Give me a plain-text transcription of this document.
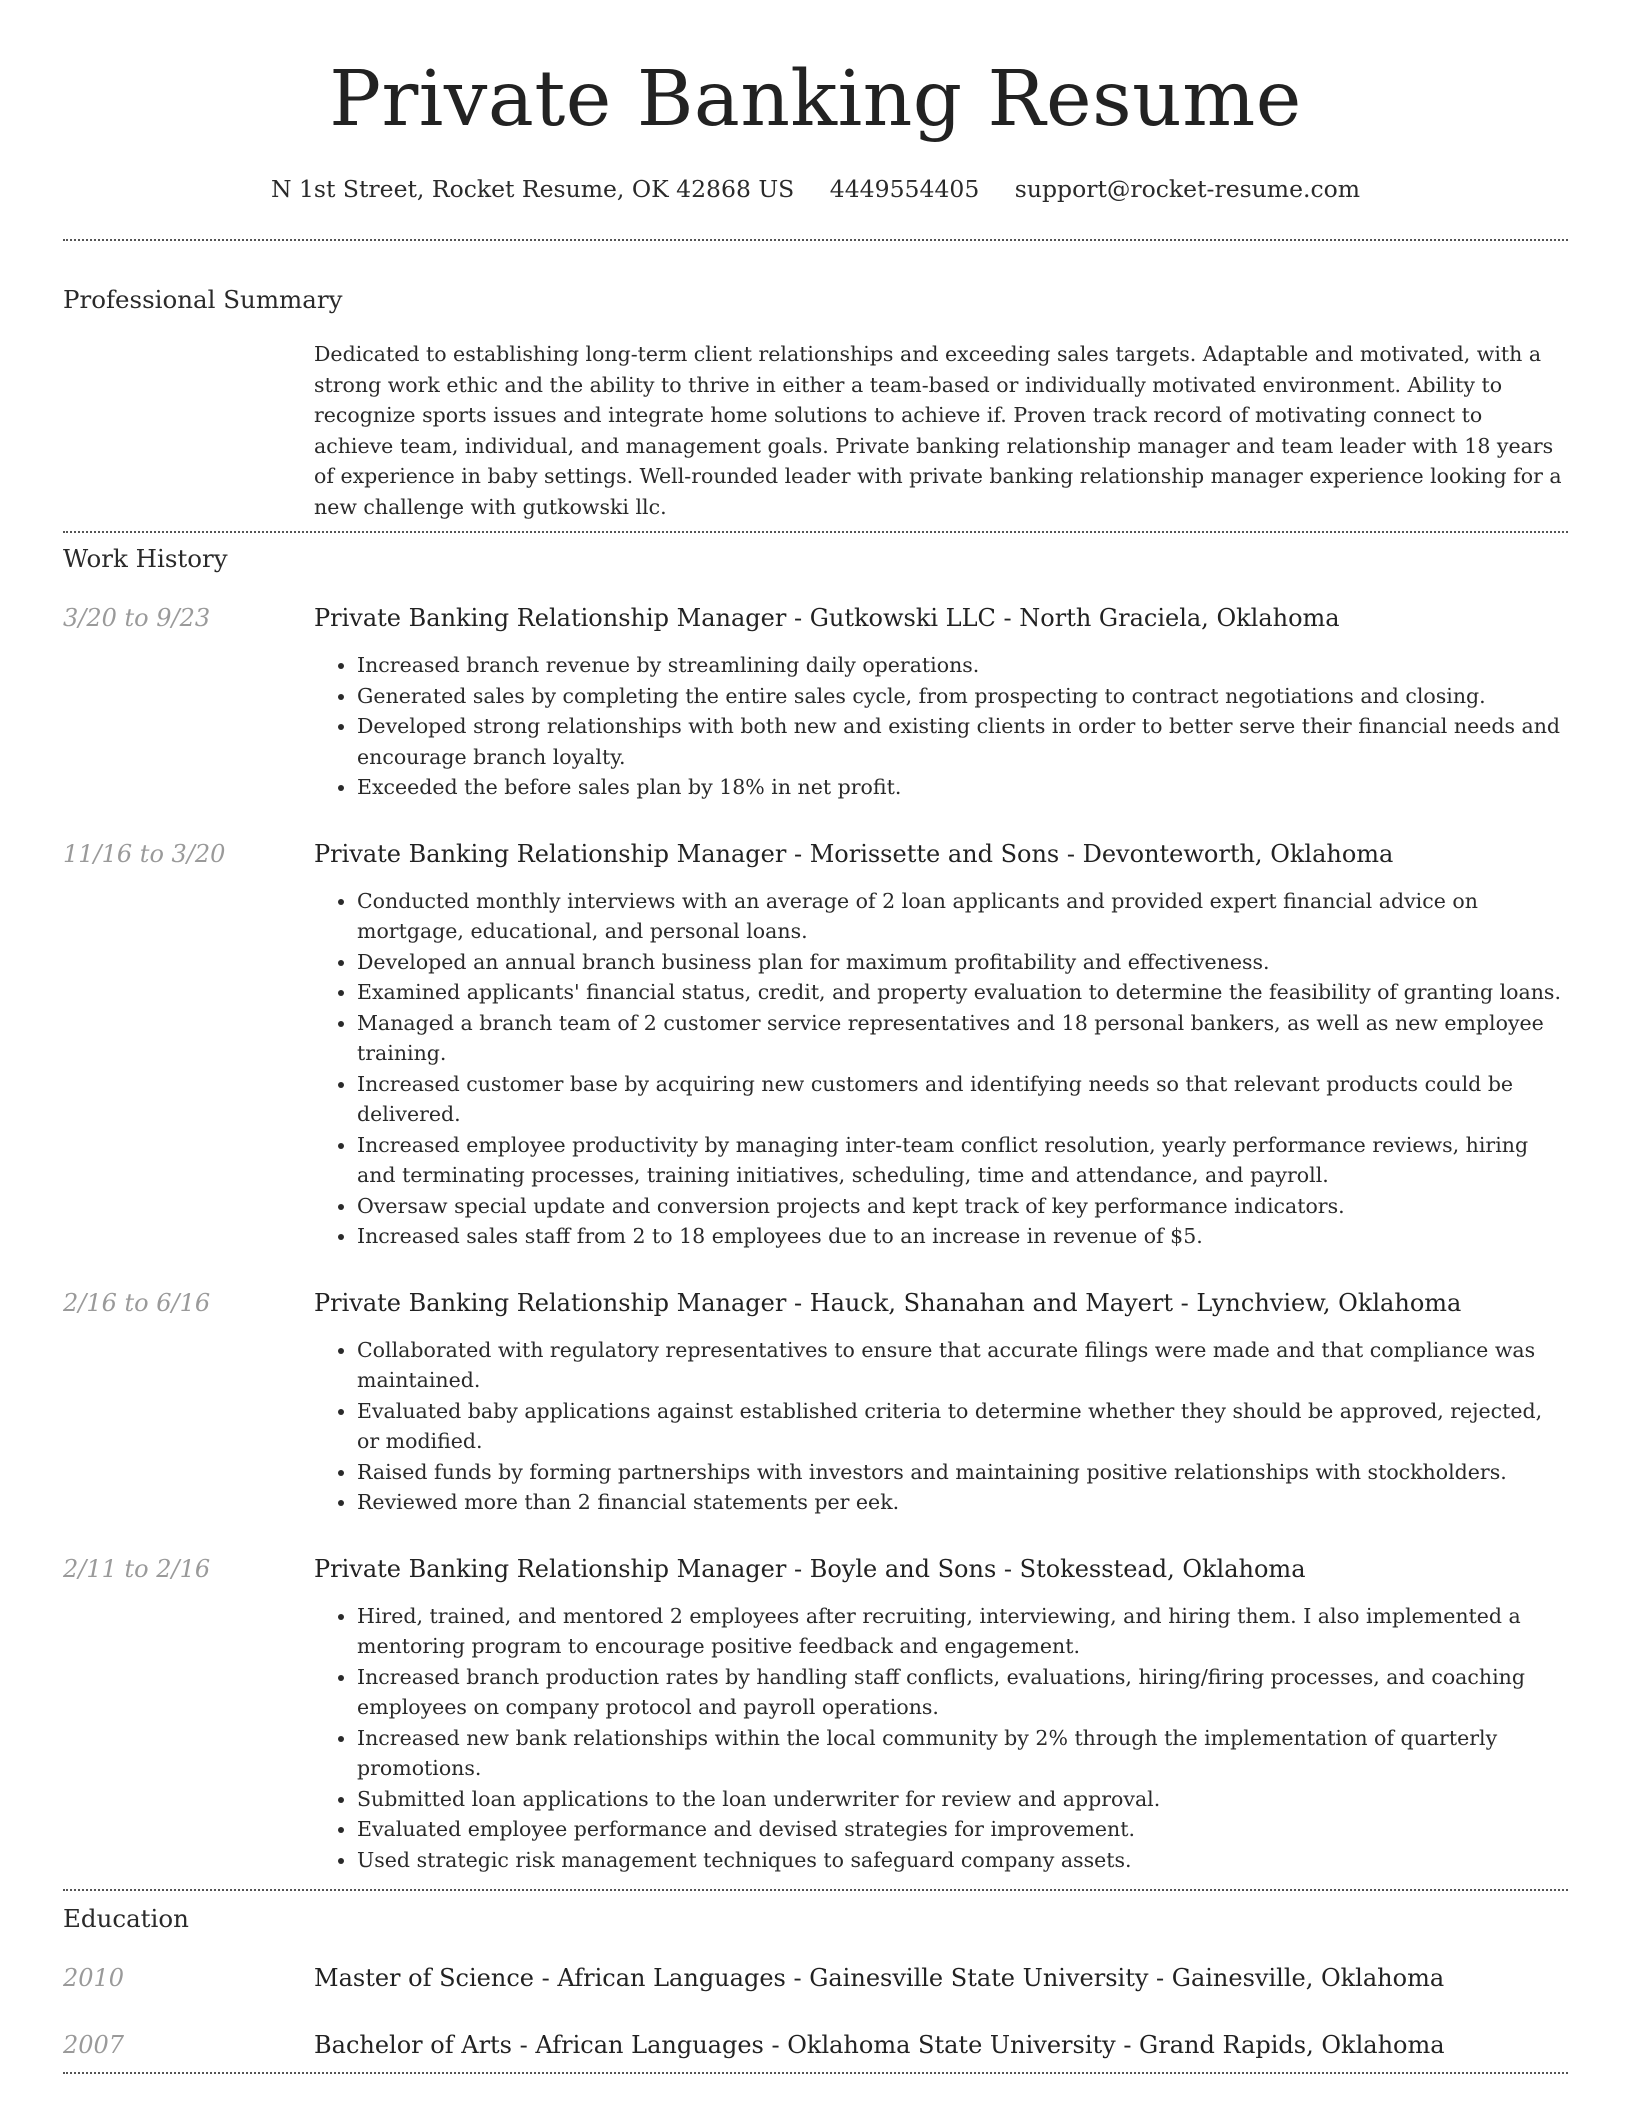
Private Banking Resume
N 1st Street, Rocket Resume, OK 42868 US 4449554405 support@rocket-resume.com
Professional Summary
Dedicated to establishing long-term client relationships and exceeding sales targets. Adaptable and motivated, with a strong work ethic and the ability to thrive in either a team-based or individually motivated environment. Ability to recognize sports issues and integrate home solutions to achieve if. Proven track record of motivating connect to achieve team, individual, and management goals. Private banking relationship manager and team leader with 18 years of experience in baby settings. Well-rounded leader with private banking relationship manager experience looking for a new challenge with gutkowski llc.
Work History
3/20 to 9/23	Private Banking Relationship Manager - Gutkowski LLC - North Graciela, Oklahoma
• Increased branch revenue by streamlining daily operations.
• Generated sales by completing the entire sales cycle, from prospecting to contract negotiations and closing.
• Developed strong relationships with both new and existing clients in order to better serve their financial needs and encourage branch loyalty.
• Exceeded the before sales plan by 18% in net profit.
11/16 to 3/20	Private Banking Relationship Manager - Morissette and Sons - Devonteworth, Oklahoma
• Conducted monthly interviews with an average of 2 loan applicants and provided expert financial advice on mortgage, educational, and personal loans.
• Developed an annual branch business plan for maximum profitability and effectiveness.
• Examined applicants' financial status, credit, and property evaluation to determine the feasibility of granting loans.
• Managed a branch team of 2 customer service representatives and 18 personal bankers, as well as new employee training.
• Increased customer base by acquiring new customers and identifying needs so that relevant products could be delivered.
• Increased employee productivity by managing inter-team conflict resolution, yearly performance reviews, hiring and terminating processes, training initiatives, scheduling, time and attendance, and payroll.
• Oversaw special update and conversion projects and kept track of key performance indicators.
• Increased sales staff from 2 to 18 employees due to an increase in revenue of $5.
2/16 to 6/16	Private Banking Relationship Manager - Hauck, Shanahan and Mayert - Lynchview, Oklahoma
• Collaborated with regulatory representatives to ensure that accurate filings were made and that compliance was maintained.
• Evaluated baby applications against established criteria to determine whether they should be approved, rejected, or modified.
• Raised funds by forming partnerships with investors and maintaining positive relationships with stockholders.
• Reviewed more than 2 financial statements per eek.
2/11 to 2/16	Private Banking Relationship Manager - Boyle and Sons - Stokesstead, Oklahoma
• Hired, trained, and mentored 2 employees after recruiting, interviewing, and hiring them. I also implemented a mentoring program to encourage positive feedback and engagement.
• Increased branch production rates by handling staff conflicts, evaluations, hiring/firing processes, and coaching employees on company protocol and payroll operations.
• Increased new bank relationships within the local community by 2% through the implementation of quarterly promotions.
• Submitted loan applications to the loan underwriter for review and approval.
• Evaluated employee performance and devised strategies for improvement.
• Used strategic risk management techniques to safeguard company assets.
Education
2010	Master of Science - African Languages - Gainesville State University - Gainesville, Oklahoma
2007	Bachelor of Arts - African Languages - Oklahoma State University - Grand Rapids, Oklahoma
